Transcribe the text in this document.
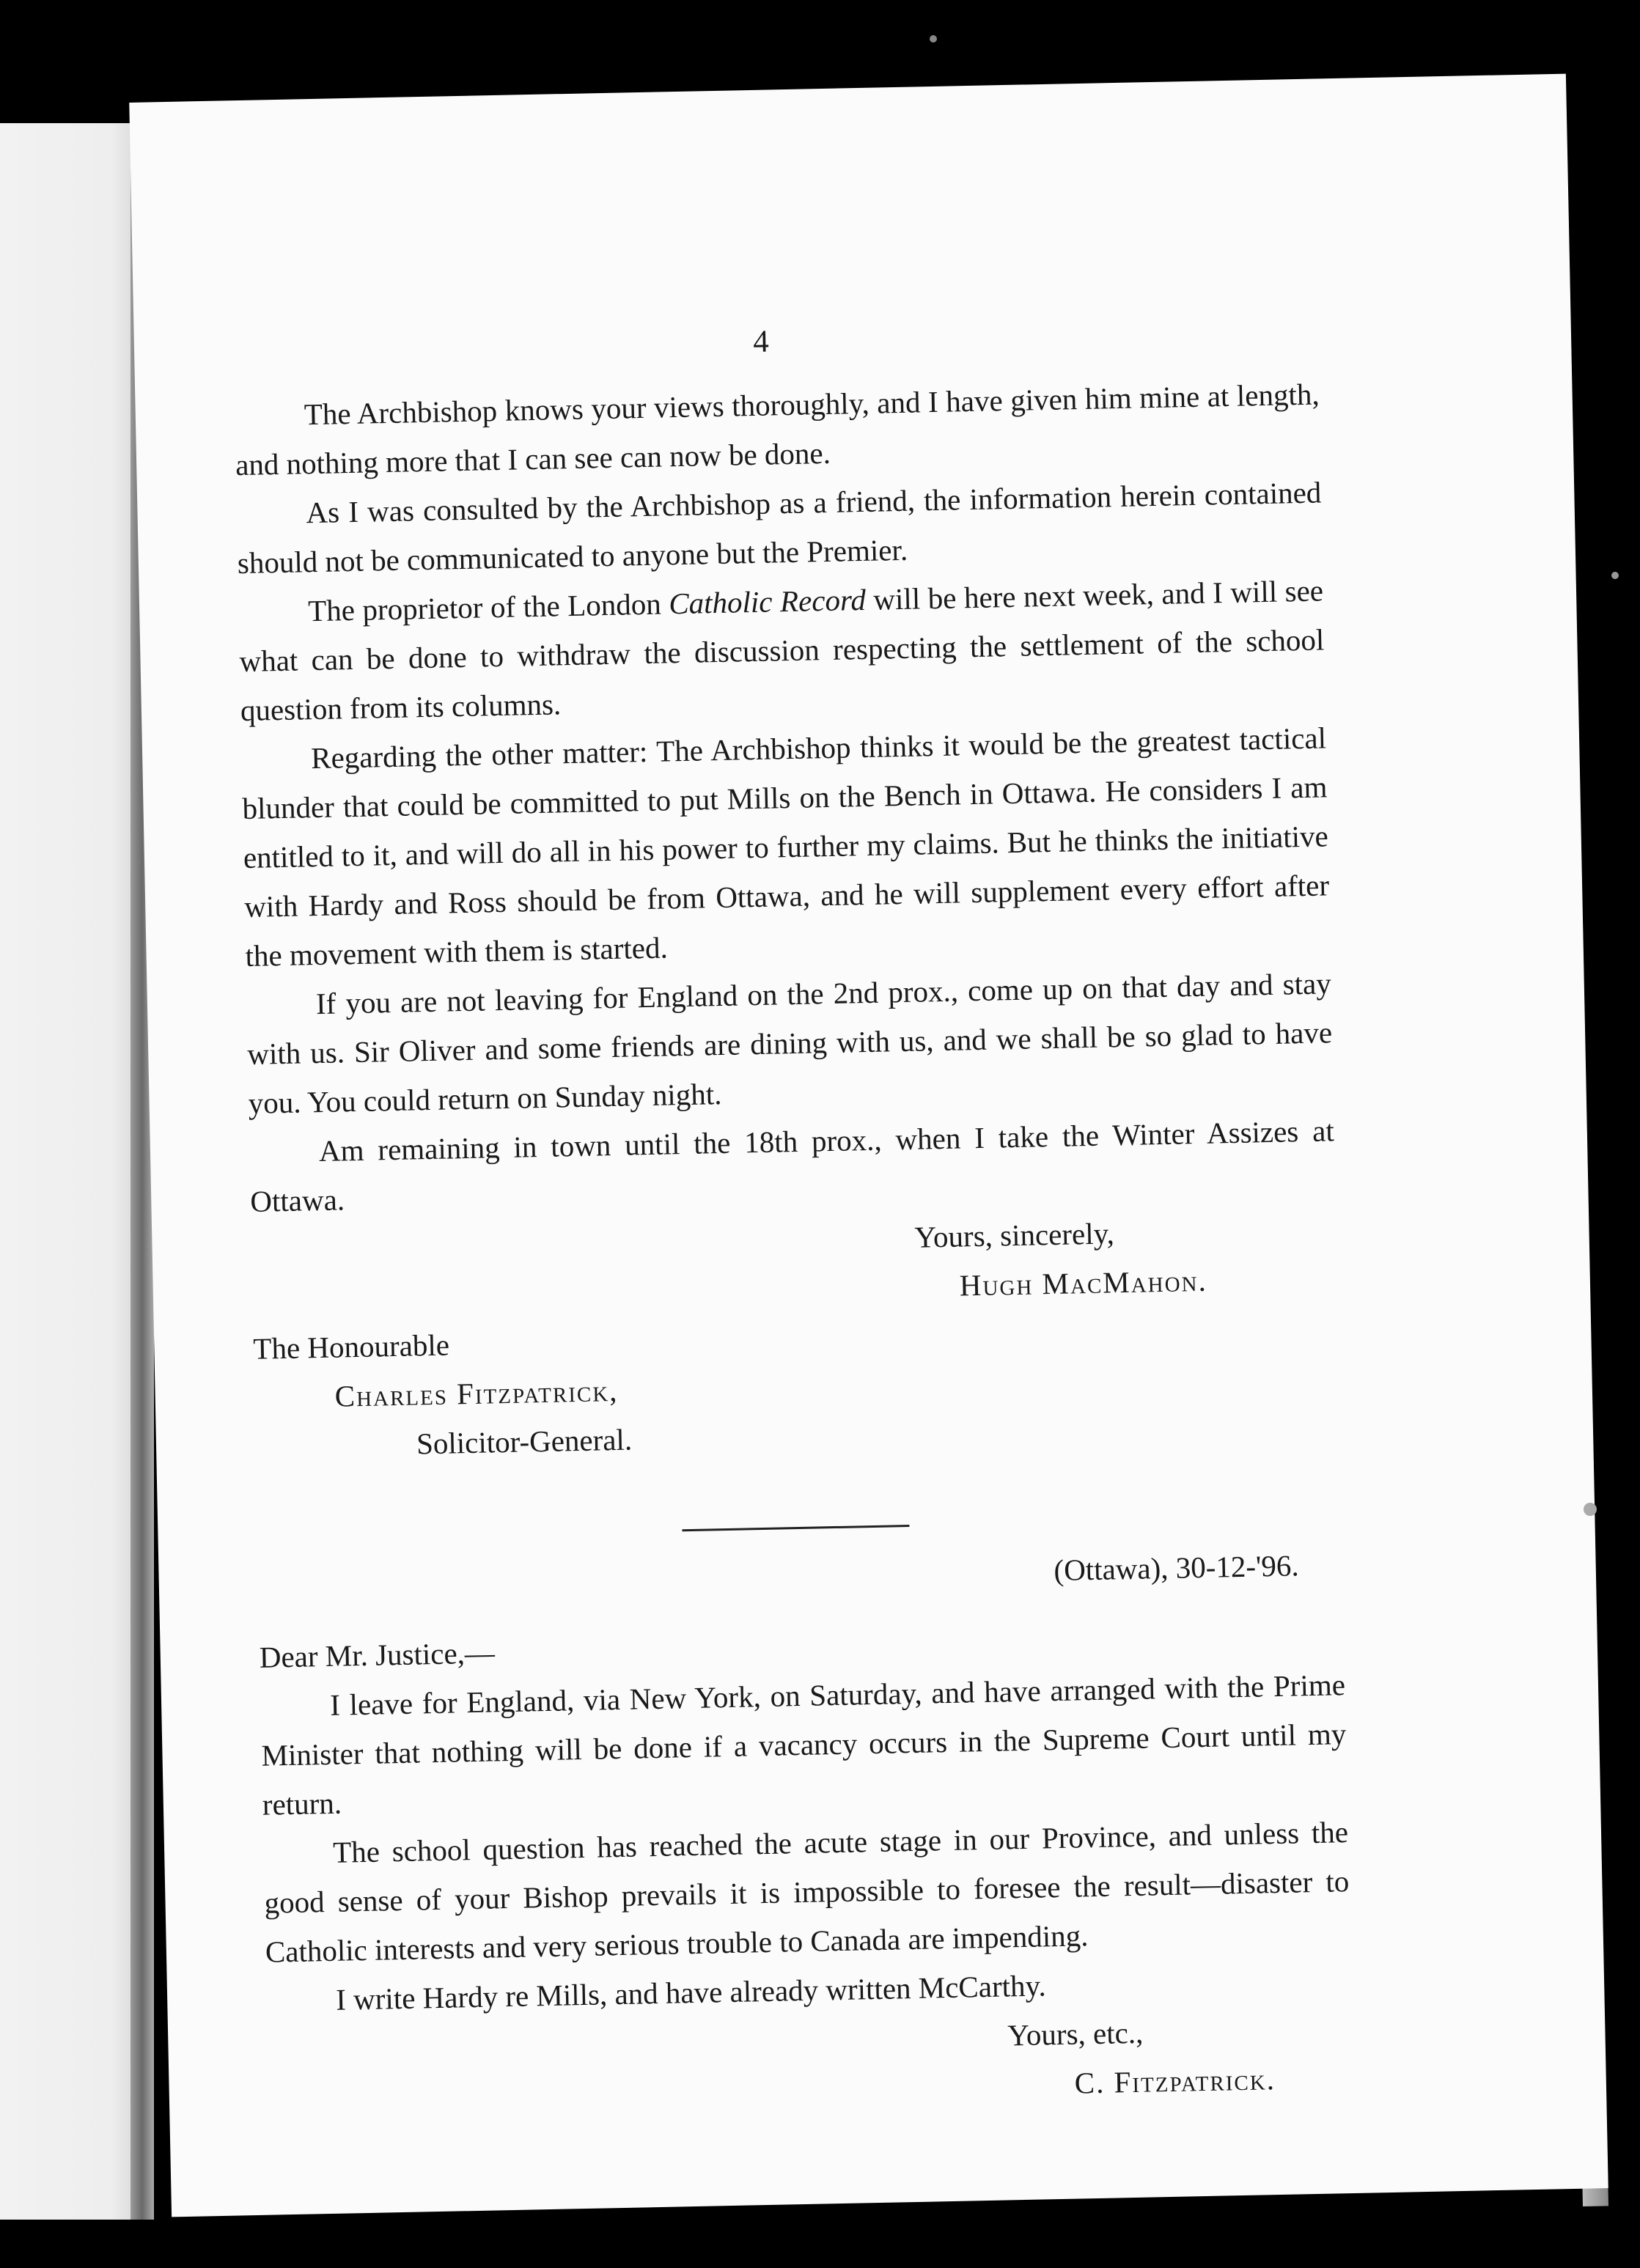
4

The Archbishop knows your views thoroughly, and I have given him mine at length, and nothing more that I can see can now be done.

As I was consulted by the Archbishop as a friend, the information herein contained should not be communicated to anyone but the Premier.

The proprietor of the London Catholic Record will be here next week, and I will see what can be done to withdraw the discussion respecting the settlement of the school question from its columns.

Regarding the other matter: The Archbishop thinks it would be the greatest tactical blunder that could be committed to put Mills on the Bench in Ottawa. He considers I am entitled to it, and will do all in his power to further my claims. But he thinks the initiative with Hardy and Ross should be from Ottawa, and he will supplement every effort after the movement with them is started.

If you are not leaving for England on the 2nd prox., come up on that day and stay with us. Sir Oliver and some friends are dining with us, and we shall be so glad to have you. You could return on Sunday night.

Am remaining in town until the 18th prox., when I take the Winter Assizes at Ottawa.

Yours, sincerely,

Hugh MacMahon.
The Honourable
Charles Fitzpatrick,
Solicitor-General.

(Ottawa), 30-12-'96.

Dear Mr. Justice,—

I leave for England, via New York, on Saturday, and have arranged with the Prime Minister that nothing will be done if a vacancy occurs in the Supreme Court until my return.

The school question has reached the acute stage in our Province, and unless the good sense of your Bishop prevails it is impossible to foresee the result—disaster to Catholic interests and very serious trouble to Canada are impending.

I write Hardy re Mills, and have already written McCarthy.

Yours, etc.,

C. Fitzpatrick.
